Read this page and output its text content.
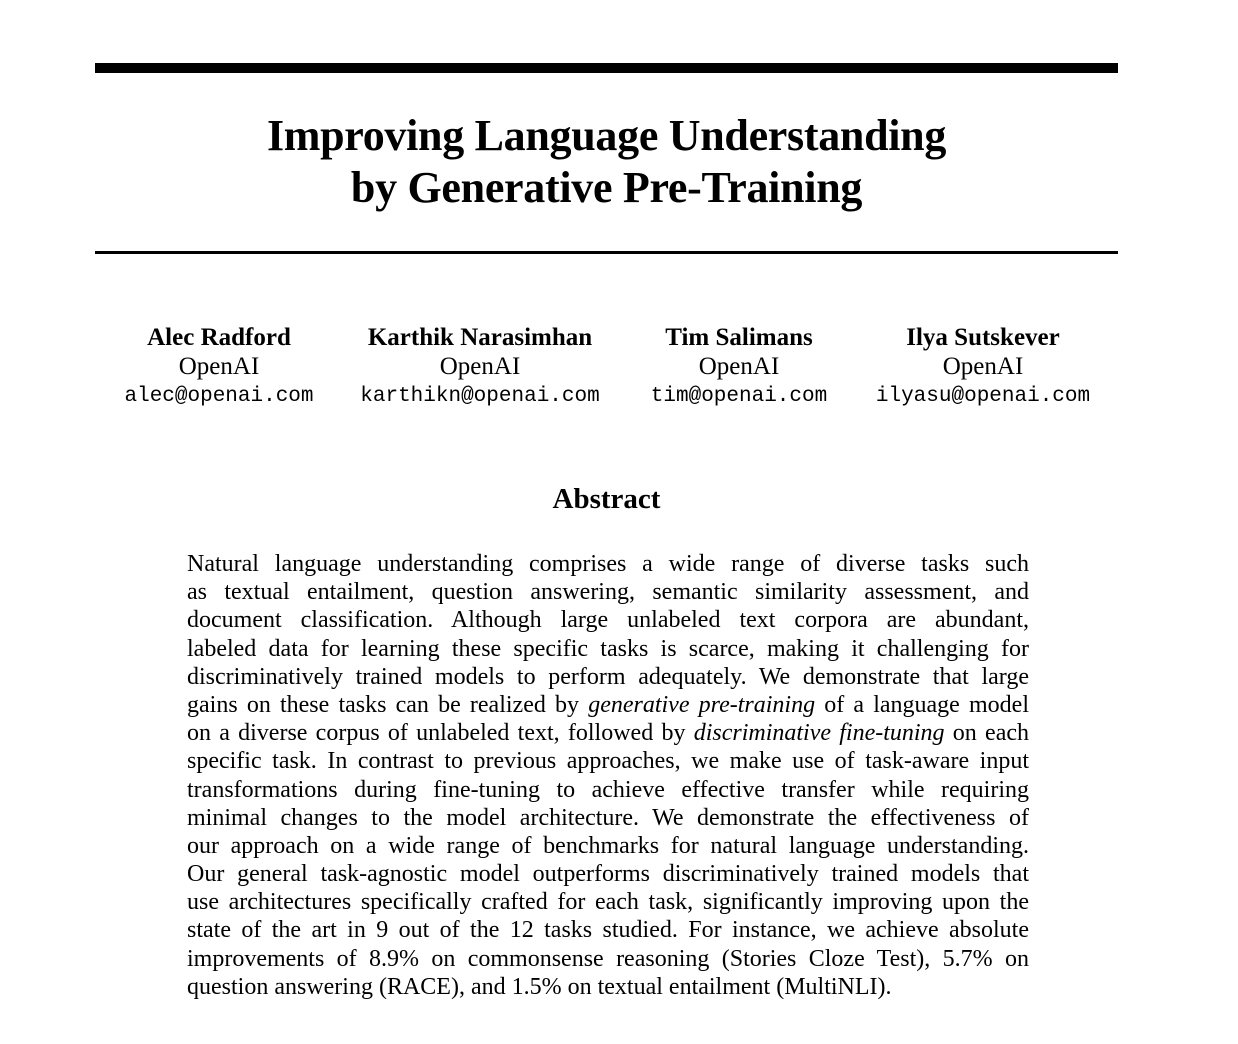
Improving Language Understanding
by Generative Pre-Training
Alec Radford
OpenAI
alec@openai.com
Karthik Narasimhan
OpenAI
karthikn@openai.com
Tim Salimans
OpenAI
tim@openai.com
Ilya Sutskever
OpenAI
ilyasu@openai.com
Abstract
Natural language understanding comprises a wide range of diverse tasks such
as textual entailment, question answering, semantic similarity assessment, and
document classification. Although large unlabeled text corpora are abundant,
labeled data for learning these specific tasks is scarce, making it challenging for
discriminatively trained models to perform adequately. We demonstrate that large
gains on these tasks can be realized by generative pre-training of a language model
on a diverse corpus of unlabeled text, followed by discriminative fine-tuning on each
specific task. In contrast to previous approaches, we make use of task-aware input
transformations during fine-tuning to achieve effective transfer while requiring
minimal changes to the model architecture. We demonstrate the effectiveness of
our approach on a wide range of benchmarks for natural language understanding.
Our general task-agnostic model outperforms discriminatively trained models that
use architectures specifically crafted for each task, significantly improving upon the
state of the art in 9 out of the 12 tasks studied. For instance, we achieve absolute
improvements of 8.9% on commonsense reasoning (Stories Cloze Test), 5.7% on
question answering (RACE), and 1.5% on textual entailment (MultiNLI).
